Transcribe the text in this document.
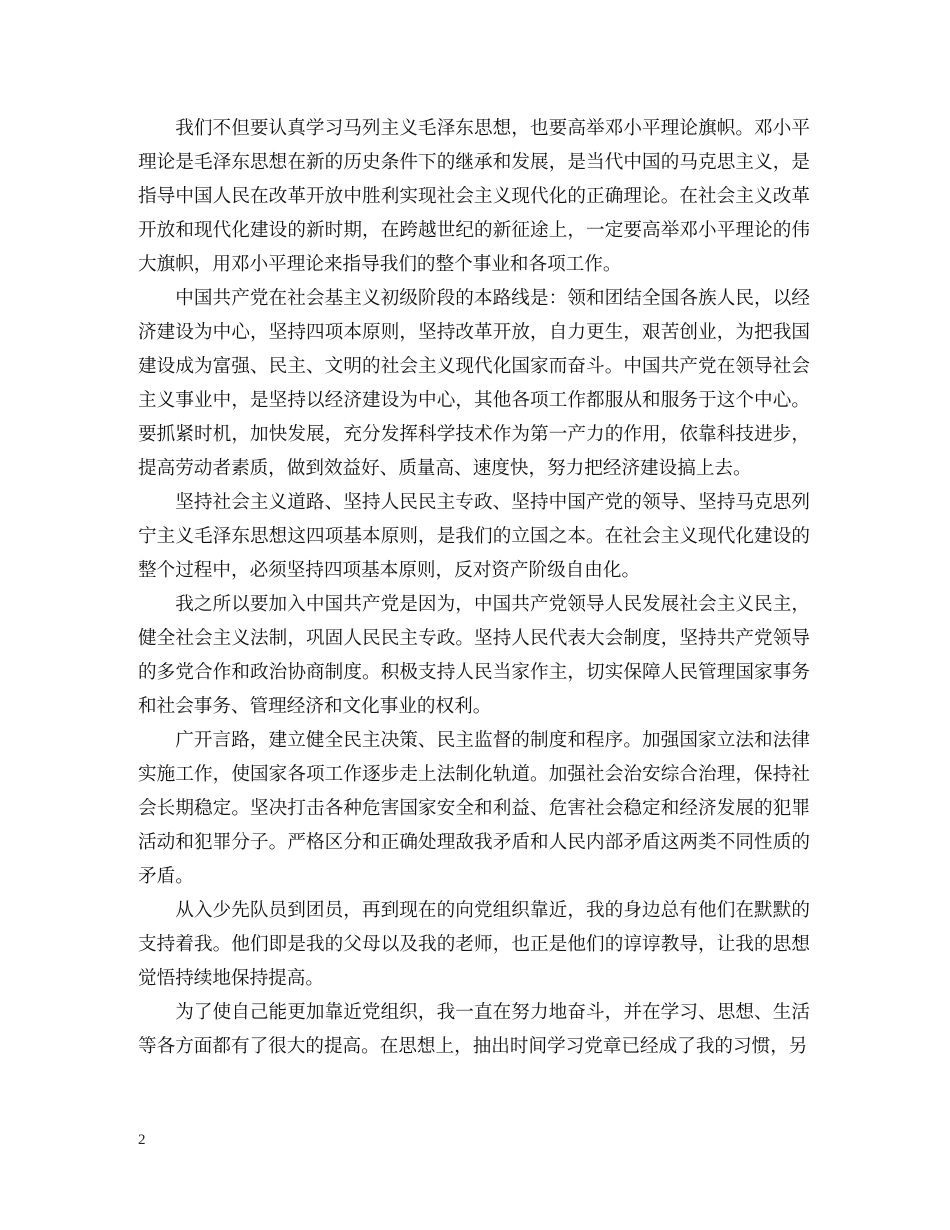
我们不但要认真学习马列主义毛泽东思想，也要高举邓小平理论旗帜。邓小平理论是毛泽东思想在新的历史条件下的继承和发展，是当代中国的马克思主义，是指导中国人民在改革开放中胜利实现社会主义现代化的正确理论。在社会主义改革开放和现代化建设的新时期，在跨越世纪的新征途上，一定要高举邓小平理论的伟大旗帜，用邓小平理论来指导我们的整个事业和各项工作。

中国共产党在社会基主义初级阶段的本路线是：领和团结全国各族人民，以经济建设为中心，坚持四项本原则，坚持改革开放，自力更生，艰苦创业，为把我国建设成为富强、民主、文明的社会主义现代化国家而奋斗。中国共产党在领导社会主义事业中，是坚持以经济建设为中心，其他各项工作都服从和服务于这个中心。要抓紧时机，加快发展，充分发挥科学技术作为第一产力的作用，依靠科技进步，提高劳动者素质，做到效益好、质量高、速度快，努力把经济建设搞上去。

坚持社会主义道路、坚持人民民主专政、坚持中国产党的领导、坚持马克思列宁主义毛泽东思想这四项基本原则，是我们的立国之本。在社会主义现代化建设的整个过程中，必须坚持四项基本原则，反对资产阶级自由化。

我之所以要加入中国共产党是因为，中国共产党领导人民发展社会主义民主，健全社会主义法制，巩固人民民主专政。坚持人民代表大会制度，坚持共产党领导的多党合作和政治协商制度。积极支持人民当家作主，切实保障人民管理国家事务和社会事务、管理经济和文化事业的权利。

广开言路，建立健全民主决策、民主监督的制度和程序。加强国家立法和法律实施工作，使国家各项工作逐步走上法制化轨道。加强社会治安综合治理，保持社会长期稳定。坚决打击各种危害国家安全和利益、危害社会稳定和经济发展的犯罪活动和犯罪分子。严格区分和正确处理敌我矛盾和人民内部矛盾这两类不同性质的矛盾。

从入少先队员到团员，再到现在的向党组织靠近，我的身边总有他们在默默的支持着我。他们即是我的父母以及我的老师，也正是他们的谆谆教导，让我的思想觉悟持续地保持提高。

为了使自己能更加靠近党组织，我一直在努力地奋斗，并在学习、思想、生活等各方面都有了很大的提高。在思想上，抽出时间学习党章已经成了我的习惯，另

2
